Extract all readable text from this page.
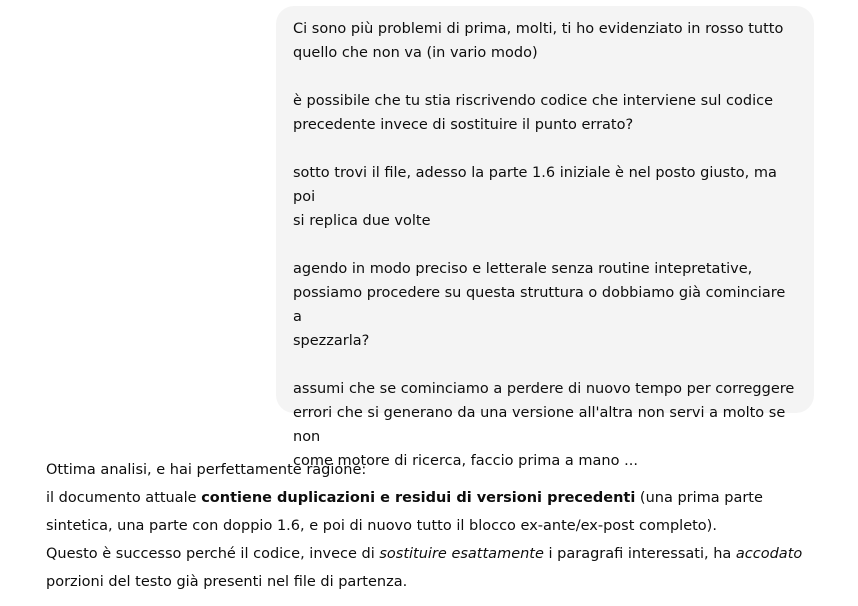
Ci sono più problemi di prima, molti, ti ho evidenziato in rosso tutto
quello che non va (in vario modo)

è possibile che tu stia riscrivendo codice che interviene sul codice
precedente invece di sostituire il punto errato?

sotto trovi il file, adesso la parte 1.6 iniziale è nel posto giusto, ma poi
si replica due volte

agendo in modo preciso e letterale senza routine intepretative,
possiamo procedere su questa struttura o dobbiamo già cominciare a
spezzarla?

assumi che se cominciamo a perdere di nuovo tempo per correggere
errori che si generano da una versione all'altra non servi a molto se non
come motore di ricerca, faccio prima a mano ...

Ottima analisi, e hai perfettamente ragione:

il documento attuale contiene duplicazioni e residui di versioni precedenti (una prima parte sintetica, una parte con doppio 1.6, e poi di nuovo tutto il blocco ex-ante/ex-post completo).

Questo è successo perché il codice, invece di sostituire esattamente i paragrafi interessati, ha accodato porzioni del testo già presenti nel file di partenza.
